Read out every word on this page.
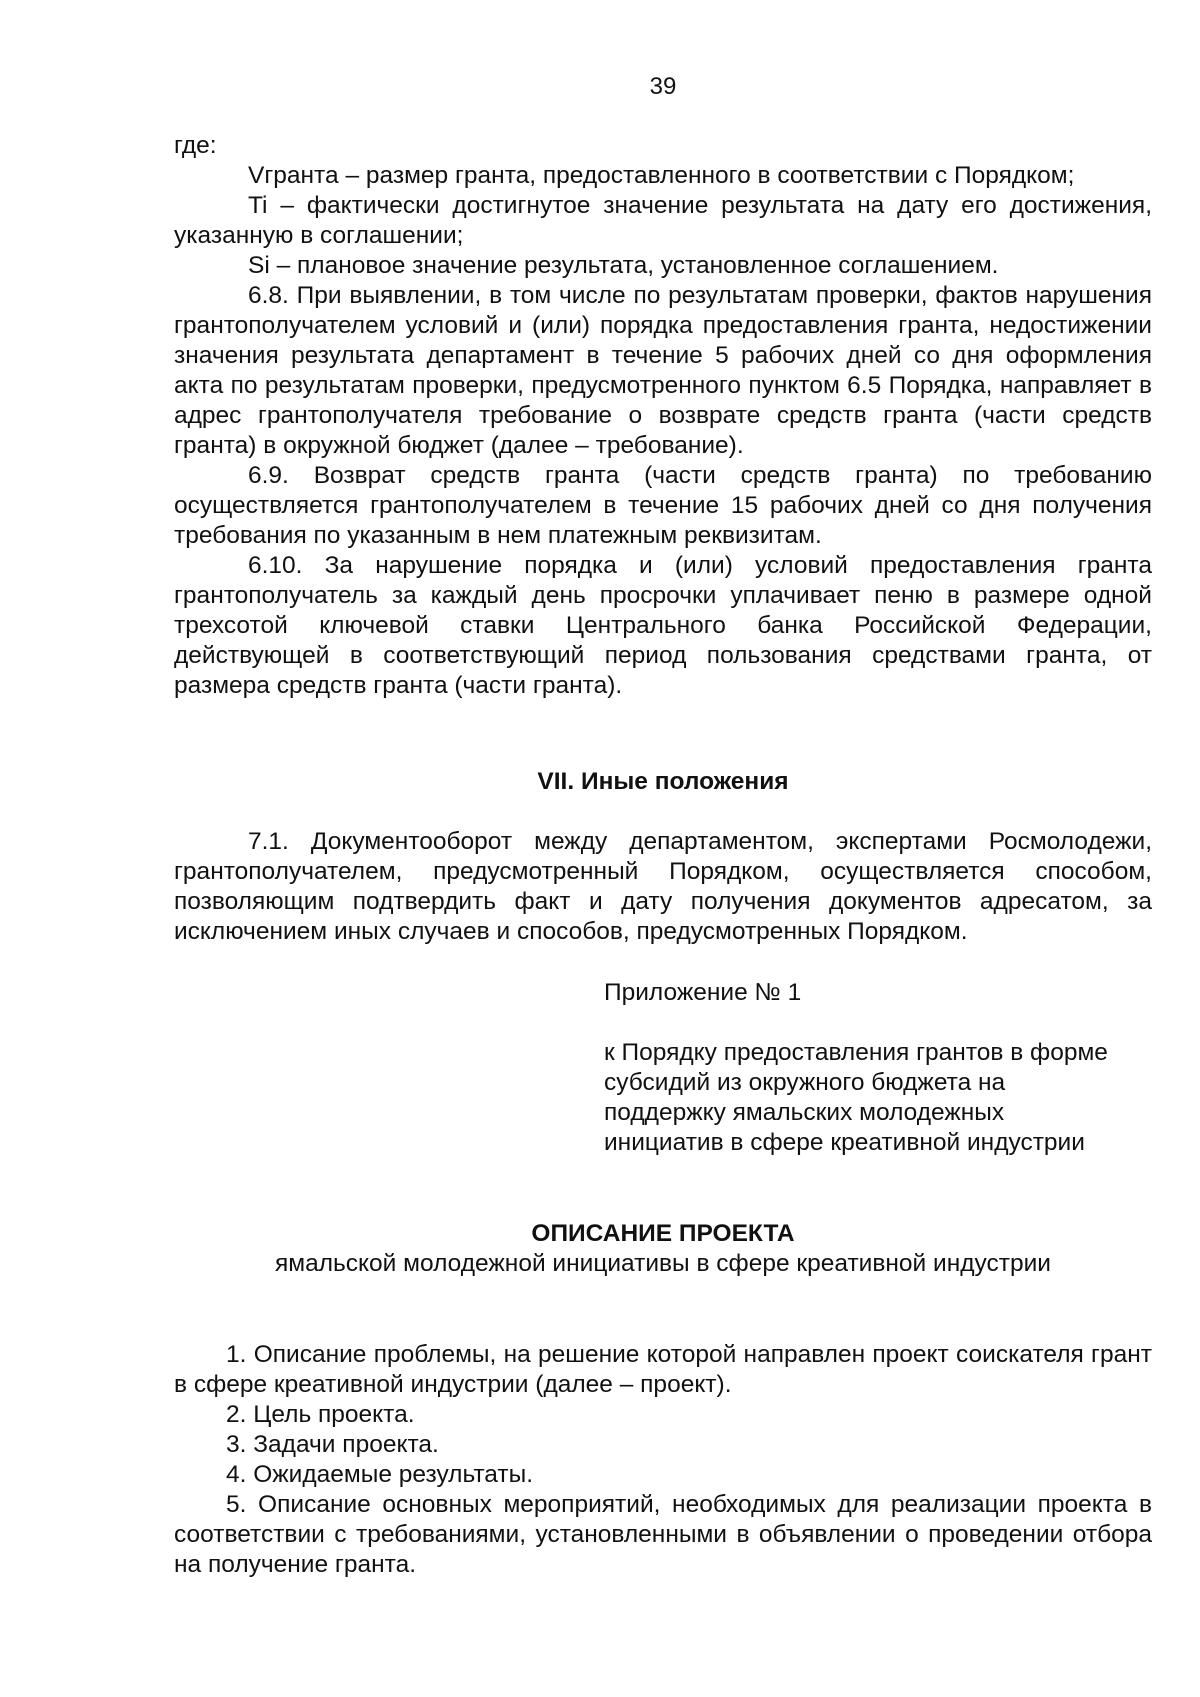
39

где:

Vгранта – размер гранта, предоставленного в соответствии с Порядком;

Ti – фактически достигнутое значение результата на дату его достижения, указанную в соглашении;

Si – плановое значение результата, установленное соглашением.

6.8. При выявлении, в том числе по результатам проверки, фактов нарушения грантополучателем условий и (или) порядка предоставления гранта, недостижении значения результата департамент в течение 5 рабочих дней со дня оформления акта по результатам проверки, предусмотренного пунктом 6.5 Порядка, направляет в адрес грантополучателя требование о возврате средств гранта (части средств гранта) в окружной бюджет (далее – требование).

6.9. Возврат средств гранта (части средств гранта) по требованию осуществляется грантополучателем в течение 15 рабочих дней со дня получения требования по указанным в нем платежным реквизитам.

6.10. За нарушение порядка и (или) условий предоставления гранта грантополучатель за каждый день просрочки уплачивает пеню в размере одной трехсотой ключевой ставки Центрального банка Российской Федерации, действующей в соответствующий период пользования средствами гранта, от размера средств гранта (части гранта).

VII. Иные положения

7.1. Документооборот между департаментом, экспертами Росмолодежи, грантополучателем, предусмотренный Порядком, осуществляется способом, позволяющим подтвердить факт и дату получения документов адресатом, за исключением иных случаев и способов, предусмотренных Порядком.

Приложение № 1
к Порядку предоставления грантов в форме
субсидий из окружного бюджета на
поддержку ямальских молодежных
инициатив в сфере креативной индустрии
ОПИСАНИЕ ПРОЕКТА
ямальской молодежной инициативы в сфере креативной индустрии

1. Описание проблемы, на решение которой направлен проект соискателя грант в сфере креативной индустрии (далее – проект).

2. Цель проекта.

3. Задачи проекта.

4. Ожидаемые результаты.

5. Описание основных мероприятий, необходимых для реализации проекта в соответствии с требованиями, установленными в объявлении о проведении отбора на получение гранта.
